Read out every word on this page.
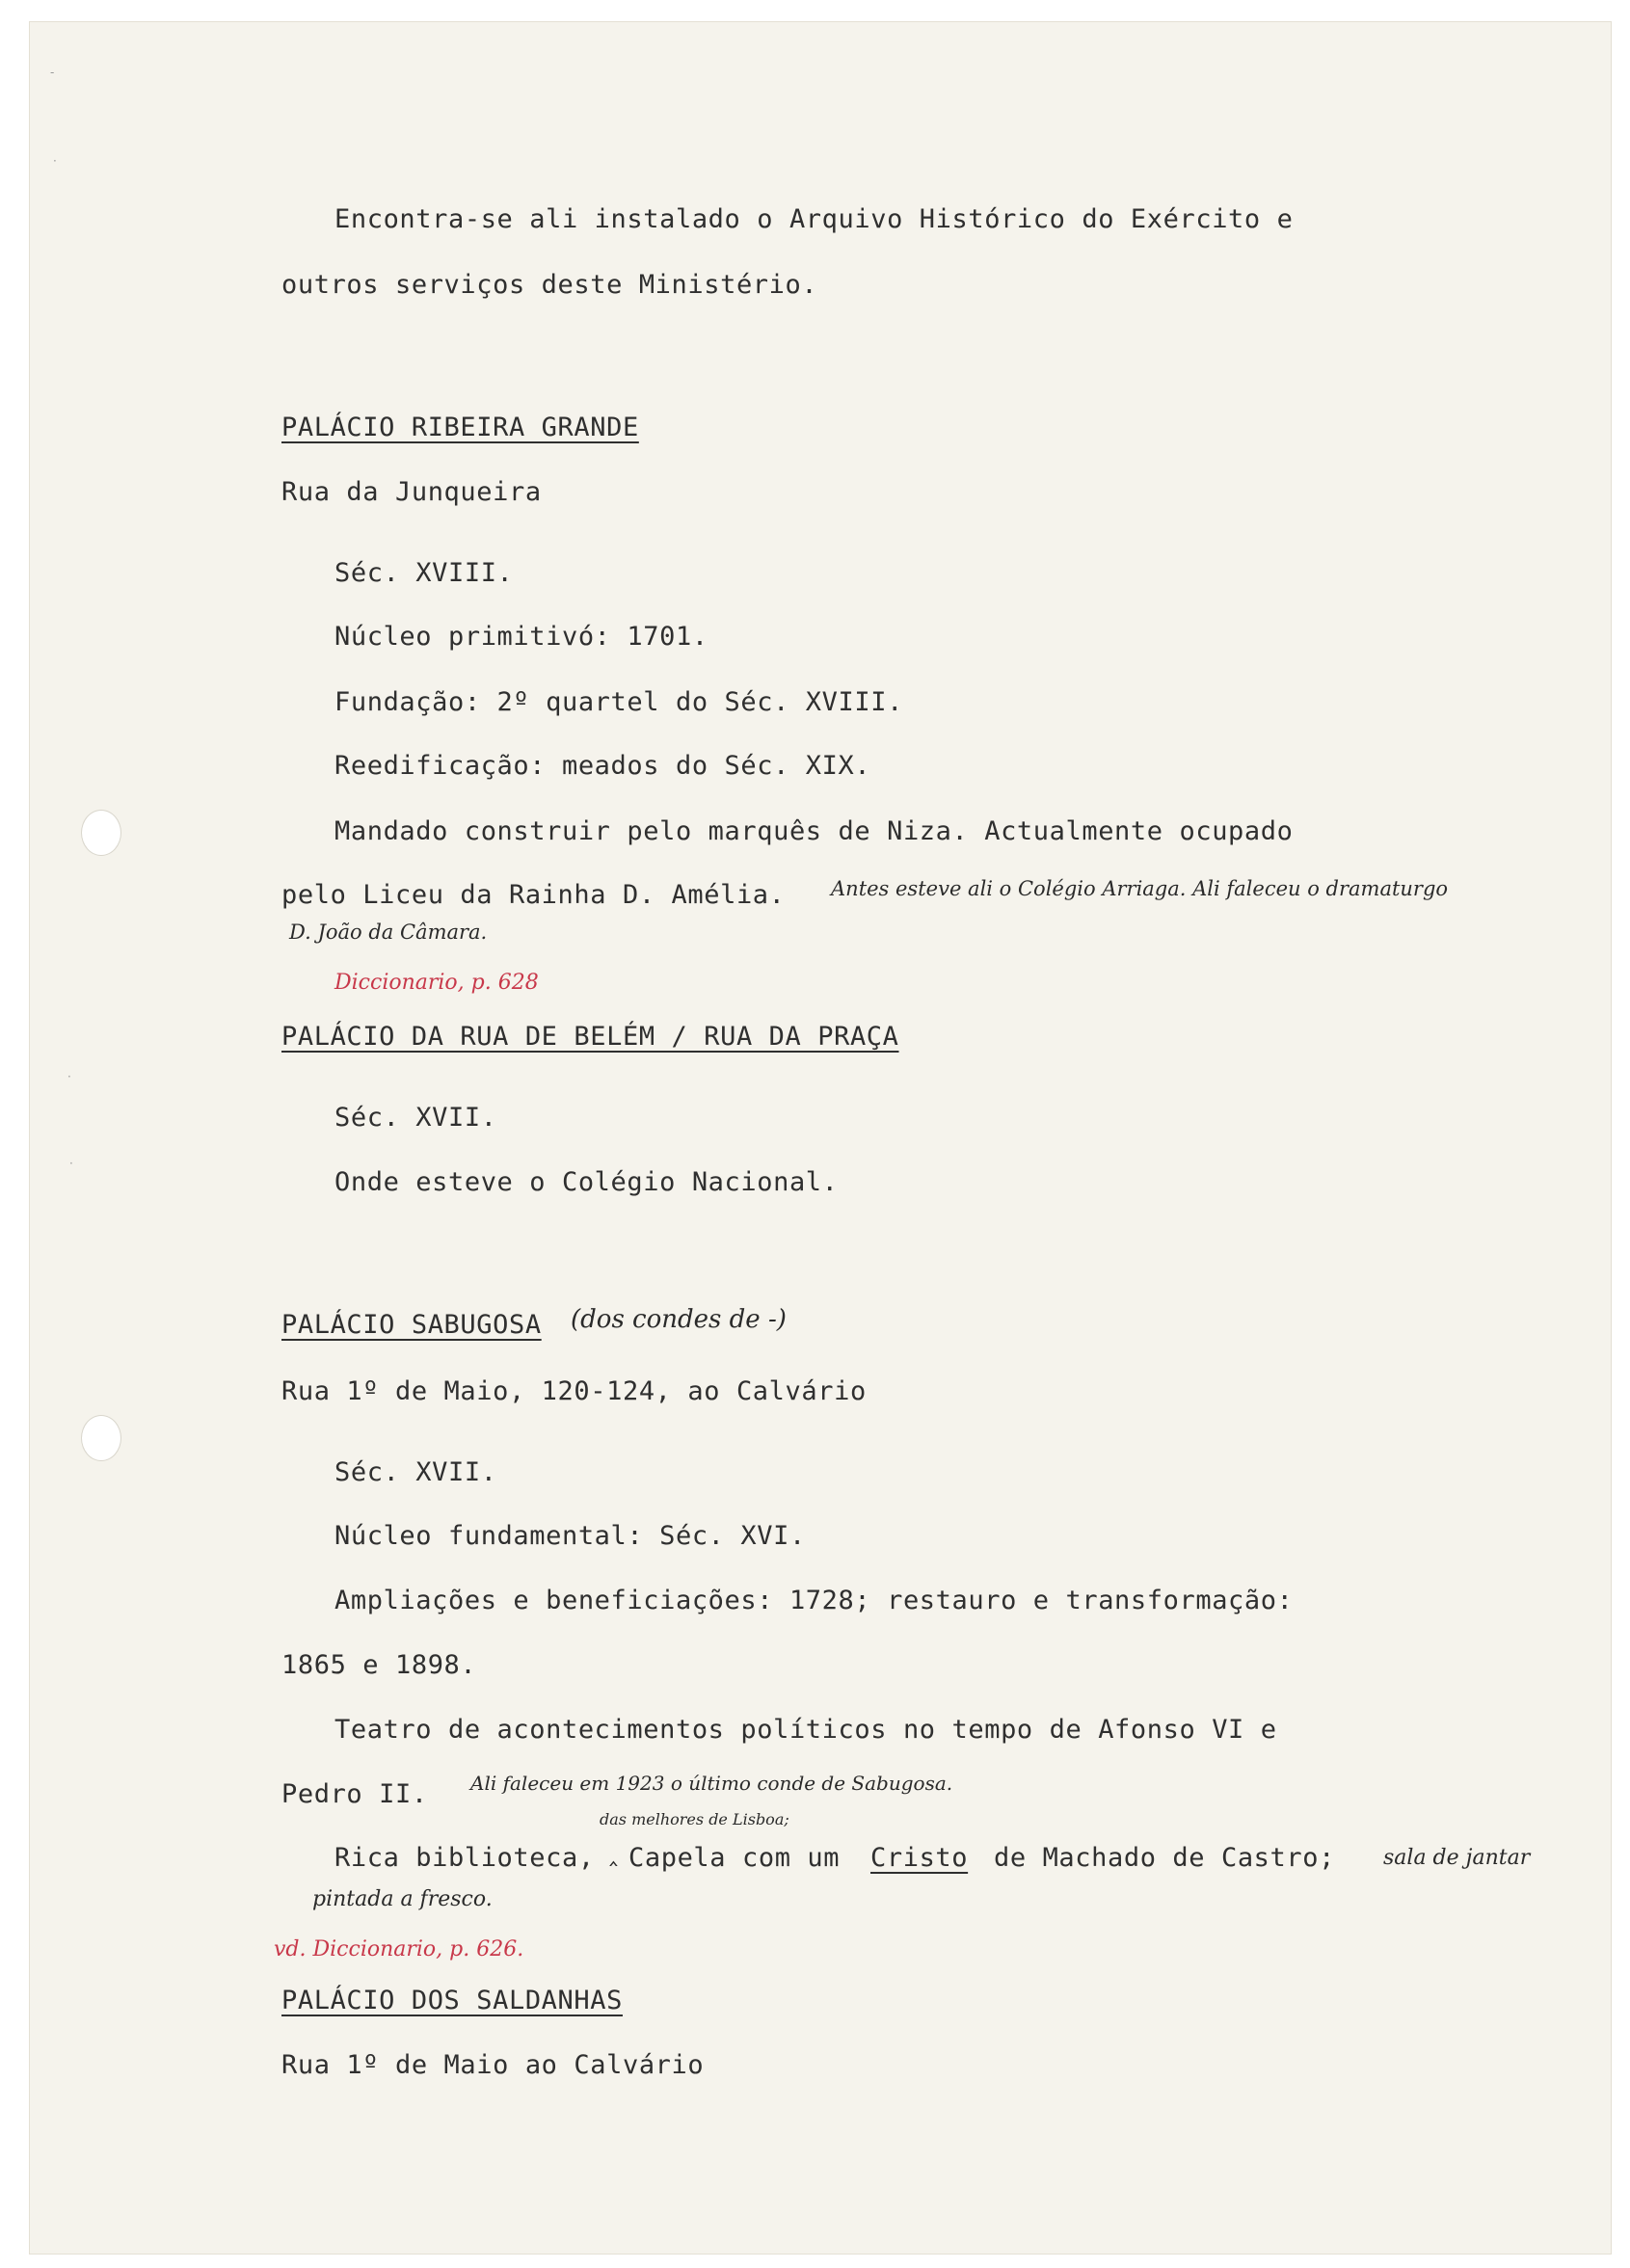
-
·
·
·

Encontra-se ali instalado o Arquivo Histórico do Exército e

outros serviços deste Ministério.

PALÁCIO RIBEIRA GRANDE

Rua da Junqueira

Séc. XVIII.

Núcleo primitivó: 1701.

Fundação: 2º quartel do Séc. XVIII.

Reedificação: meados do Séc. XIX.

Mandado construir pelo marquês de Niza. Actualmente ocupado

pelo Liceu da Rainha D. Amélia. Antes esteve ali o Colégio Arriaga. Ali faleceu o dramaturgo

D. João da Câmara.

Diccionario, p. 628

PALÁCIO DA RUA DE BELÉM / RUA DA PRAÇA

Séc. XVII.

Onde esteve o Colégio Nacional.

PALÁCIO SABUGOSA (dos condes de -)

Rua 1º de Maio, 120-124, ao Calvário

Séc. XVII.

Núcleo fundamental: Séc. XVI.

Ampliações e beneficiações: 1728; restauro e transformação:

1865 e 1898.

Teatro de acontecimentos políticos no tempo de Afonso VI e

Pedro II. Ali faleceu em 1923 o último conde de Sabugosa.

das melhores de Lisboa;

Rica biblioteca, ‸ Capela com um Cristo de Machado de Castro; sala de jantar

pintada a fresco.

vd. Diccionario, p. 626.

PALÁCIO DOS SALDANHAS

Rua 1º de Maio ao Calvário
